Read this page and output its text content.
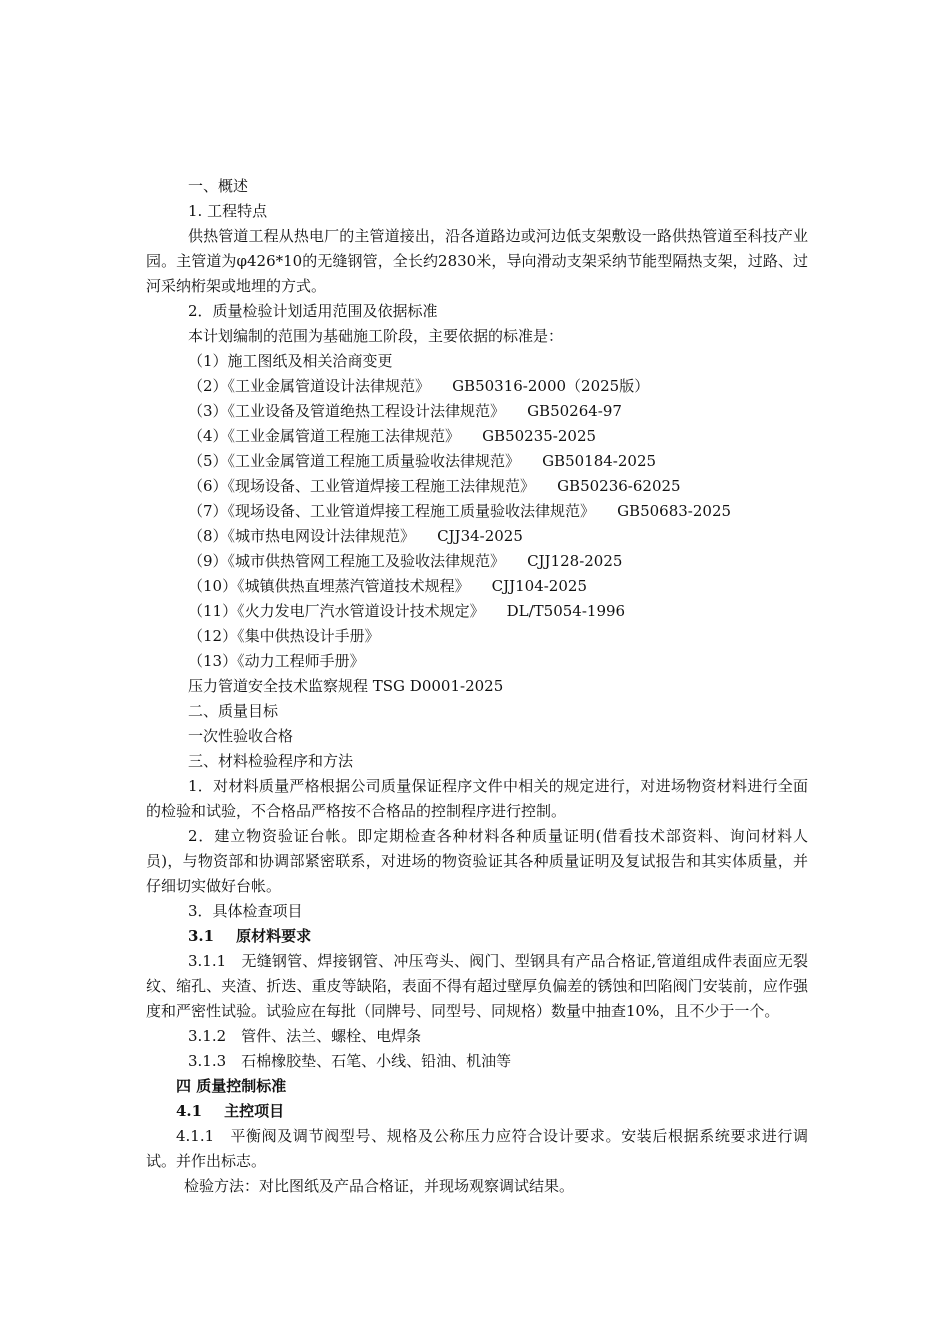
一、概述
1. 工程特点
供热管道工程从热电厂的主管道接出，沿各道路边或河边低支架敷设一路供热管道至科技产业园。主管道为φ426*10的无缝钢管，全长约2830米，导向滑动支架采纳节能型隔热支架，过路、过河采纳桁架或地埋的方式。
2．质量检验计划适用范围及依据标准
本计划编制的范围为基础施工阶段，主要依据的标准是：
（1）施工图纸及相关洽商变更
（2）《工业金属管道设计法律规范》 GB50316-2000（2025版）
（3）《工业设备及管道绝热工程设计法律规范》 GB50264-97
（4）《工业金属管道工程施工法律规范》 GB50235-2025
（5）《工业金属管道工程施工质量验收法律规范》 GB50184-2025
（6）《现场设备、工业管道焊接工程施工法律规范》 GB50236-62025
（7）《现场设备、工业管道焊接工程施工质量验收法律规范》 GB50683-2025
（8）《城市热电网设计法律规范》 CJJ34-2025
（9）《城市供热管网工程施工及验收法律规范》 CJJ128-2025
（10）《城镇供热直埋蒸汽管道技术规程》 CJJ104-2025
（11）《火力发电厂汽水管道设计技术规定》 DL/T5054-1996
（12）《集中供热设计手册》
（13）《动力工程师手册》
压力管道安全技术监察规程 TSG D0001-2025
二、质量目标
一次性验收合格
三、材料检验程序和方法
1．对材料质量严格根据公司质量保证程序文件中相关的规定进行，对进场物资材料进行全面的检验和试验，不合格品严格按不合格品的控制程序进行控制。
2．建立物资验证台帐。即定期检查各种材料各种质量证明(借看技术部资料、询问材料人员)，与物资部和协调部紧密联系，对进场的物资验证其各种质量证明及复试报告和其实体质量，并仔细切实做好台帐。
3．具体检查项目
3.1 原材料要求
3.1.1　无缝钢管、焊接钢管、冲压弯头、阀门、型钢具有产品合格证,管道组成件表面应无裂纹、缩孔、夹渣、折迭、重皮等缺陷，表面不得有超过壁厚负偏差的锈蚀和凹陷阀门安装前，应作强度和严密性试验。试验应在每批（同牌号、同型号、同规格）数量中抽查10%，且不少于一个。
3.1.2　管件、法兰、螺栓、电焊条
3.1.3　石棉橡胶垫、石笔、小线、铅油、机油等
四 质量控制标准
4.1 主控项目
4.1.1　平衡阀及调节阀型号、规格及公称压力应符合设计要求。安装后根据系统要求进行调试。并作出标志。
检验方法：对比图纸及产品合格证，并现场观察调试结果。
